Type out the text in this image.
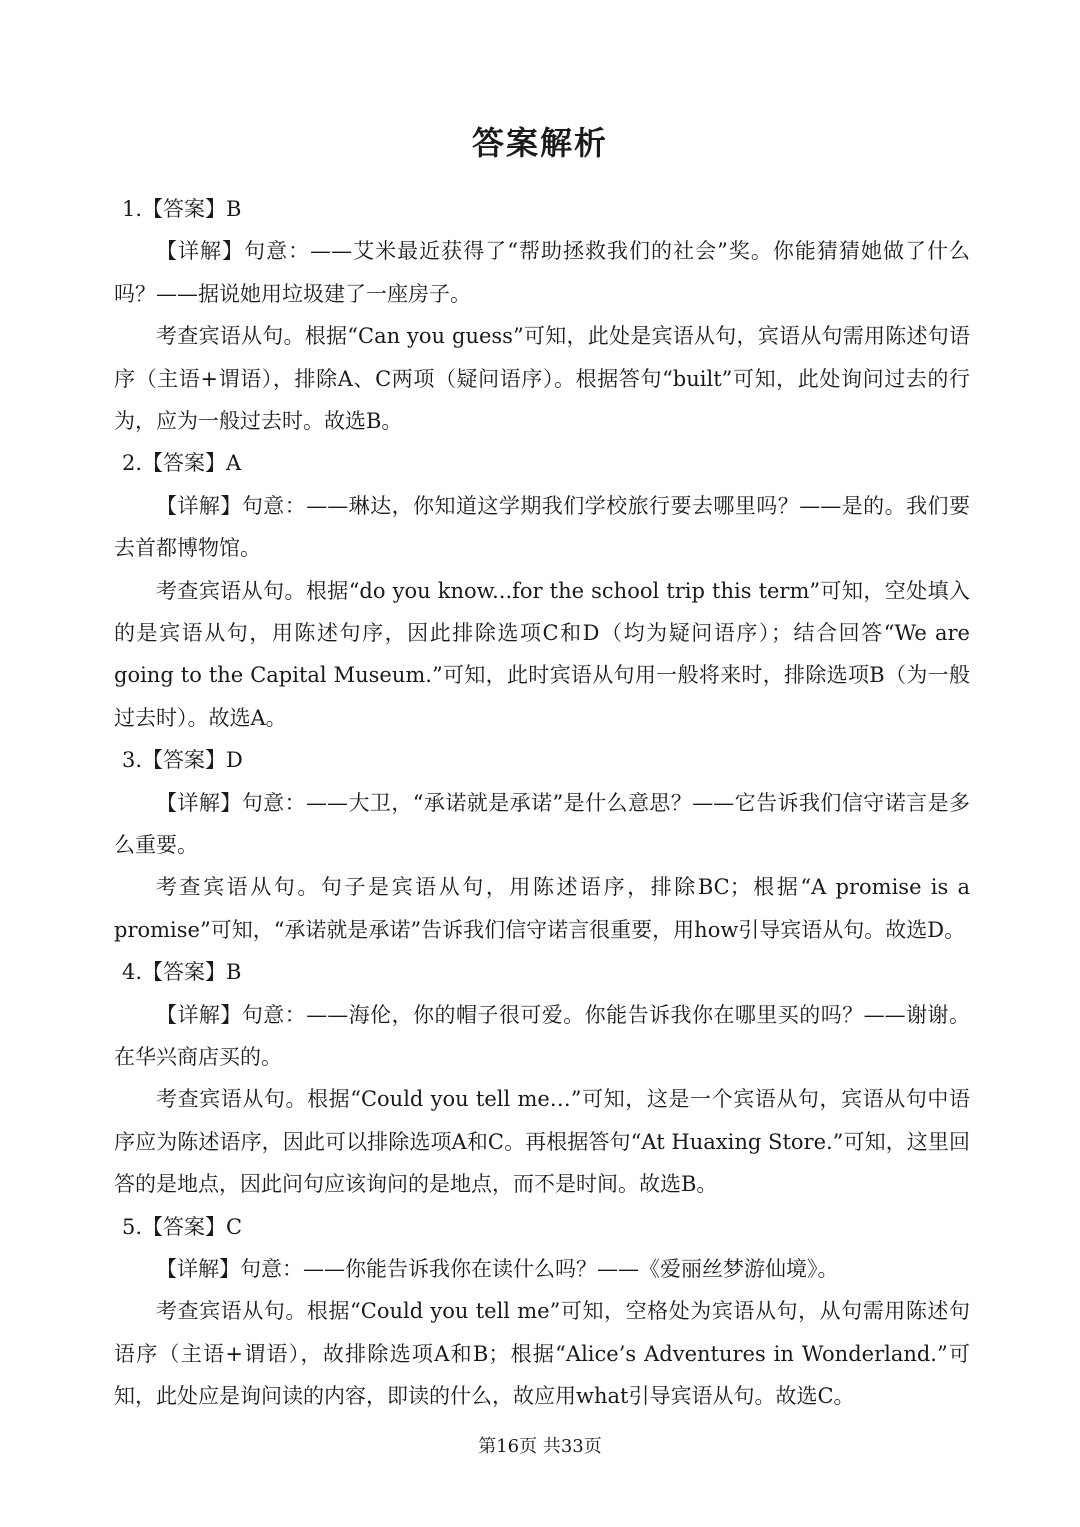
答案解析
1.【答案】B

【详解】句意：——艾米最近获得了“帮助拯救我们的社会”奖。你能猜猜她做了什么吗？——据说她用垃圾建了一座房子。

考查宾语从句。根据“Can you guess”可知，此处是宾语从句，宾语从句需用陈述句语序（主语+谓语），排除A、C两项（疑问语序）。根据答句“built”可知，此处询问过去的行为，应为一般过去时。故选B。

2.【答案】A

【详解】句意：——琳达，你知道这学期我们学校旅行要去哪里吗？——是的。我们要去首都博物馆。

考查宾语从句。根据“do you know...for the school trip this term”可知，空处填入的是宾语从句，用陈述句序，因此排除选项C和D（均为疑问语序）；结合回答“We are going to the Capital Museum.”可知，此时宾语从句用一般将来时，排除选项B（为一般过去时）。故选A。

3.【答案】D

【详解】句意：——大卫，“承诺就是承诺”是什么意思？——它告诉我们信守诺言是多么重要。

考查宾语从句。句子是宾语从句，用陈述语序，排除BC；根据“A promise is a promise”可知，“承诺就是承诺”告诉我们信守诺言很重要，用how引导宾语从句。故选D。

4.【答案】B

【详解】句意：——海伦，你的帽子很可爱。你能告诉我你在哪里买的吗？——谢谢。在华兴商店买的。

考查宾语从句。根据“Could you tell me…”可知，这是一个宾语从句，宾语从句中语序应为陈述语序，因此可以排除选项A和C。再根据答句“At Huaxing Store.”可知，这里回答的是地点，因此问句应该询问的是地点，而不是时间。故选B。

5.【答案】C

【详解】句意：——你能告诉我你在读什么吗？——《爱丽丝梦游仙境》。

考查宾语从句。根据“Could you tell me”可知，空格处为宾语从句，从句需用陈述句语序（主语+谓语），故排除选项A和B；根据“Alice’s Adventures in Wonderland.”可知，此处应是询问读的内容，即读的什么，故应用what引导宾语从句。故选C。

第16页 共33页
